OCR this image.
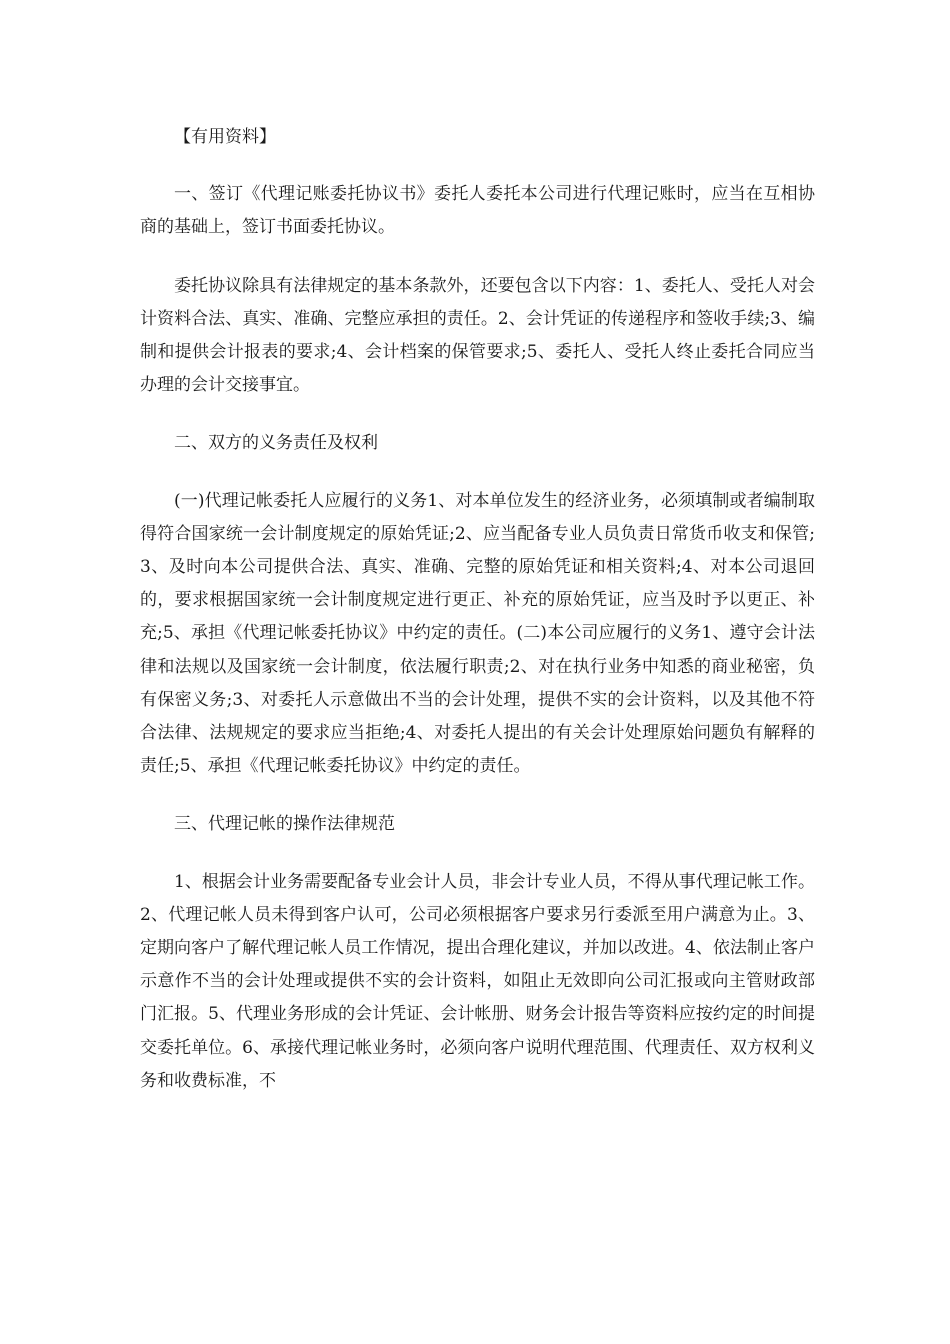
【有用资料】

一、签订《代理记账委托协议书》委托人委托本公司进行代理记账时，应当在互相协商的基础上，签订书面委托协议。

委托协议除具有法律规定的基本条款外，还要包含以下内容：1、委托人、受托人对会计资料合法、真实、准确、完整应承担的责任。2、会计凭证的传递程序和签收手续;3、编制和提供会计报表的要求;4、会计档案的保管要求;5、委托人、受托人终止委托合同应当办理的会计交接事宜。

二、双方的义务责任及权利

(一)代理记帐委托人应履行的义务1、对本单位发生的经济业务，必须填制或者编制取得符合国家统一会计制度规定的原始凭证;2、应当配备专业人员负责日常货币收支和保管;3、及时向本公司提供合法、真实、准确、完整的原始凭证和相关资料;4、对本公司退回的，要求根据国家统一会计制度规定进行更正、补充的原始凭证，应当及时予以更正、补充;5、承担《代理记帐委托协议》中约定的责任。(二)本公司应履行的义务1、遵守会计法律和法规以及国家统一会计制度，依法履行职责;2、对在执行业务中知悉的商业秘密，负有保密义务;3、对委托人示意做出不当的会计处理，提供不实的会计资料，以及其他不符合法律、法规规定的要求应当拒绝;4、对委托人提出的有关会计处理原始问题负有解释的责任;5、承担《代理记帐委托协议》中约定的责任。

三、代理记帐的操作法律规范

1、根据会计业务需要配备专业会计人员，非会计专业人员，不得从事代理记帐工作。2、代理记帐人员未得到客户认可，公司必须根据客户要求另行委派至用户满意为止。3、定期向客户了解代理记帐人员工作情况，提出合理化建议，并加以改进。4、依法制止客户示意作不当的会计处理或提供不实的会计资料，如阻止无效即向公司汇报或向主管财政部门汇报。5、代理业务形成的会计凭证、会计帐册、财务会计报告等资料应按约定的时间提交委托单位。6、承接代理记帐业务时，必须向客户说明代理范围、代理责任、双方权利义务和收费标准，不
